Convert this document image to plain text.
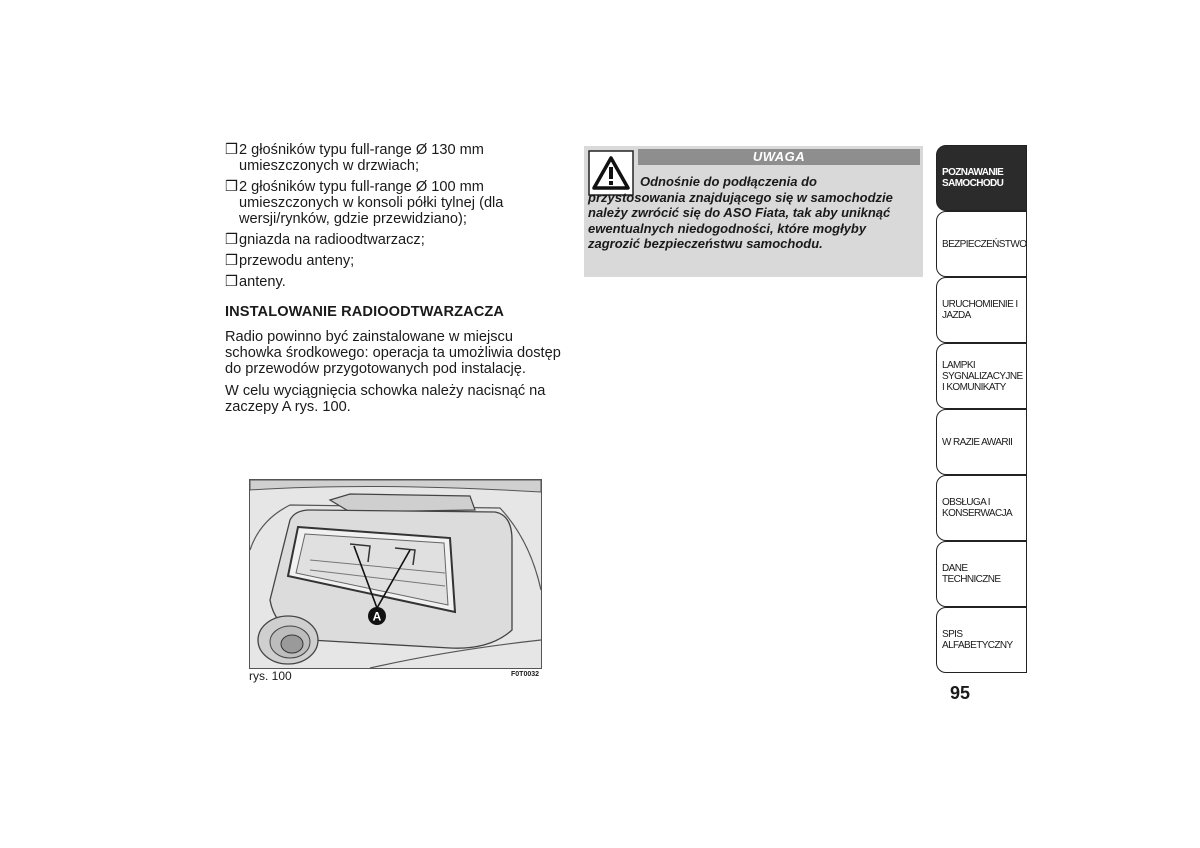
❒ 2 głośników typu full-range Ø 130 mm umieszczonych w drzwiach;
❒ 2 głośników typu full-range Ø 100 mm umieszczonych w konsoli półki tylnej (dla wersji/rynków, gdzie przewidziano);
❒ gniazda na radioodtwarzacz;
❒ przewodu anteny;
❒ anteny.
INSTALOWANIE RADIOODTWARZACZA
Radio powinno być zainstalowane w miejscu schowka środkowego: operacja ta umożliwia dostęp do przewodów przygotowanych pod instalację.
W celu wyciągnięcia schowka należy nacisnąć na zaczepy A rys. 100.
A
rys. 100	F0T0032
UWAGA
Odnośnie do podłączenia do przystosowania znajdującego się w samochodzie należy zwrócić się do ASO Fiata, tak aby uniknąć ewentualnych niedogodności, które mogłyby zagrozić bezpieczeństwu samochodu.
POZNAWANIE SAMOCHODU
BEZPIECZEŃSTWO
URUCHOMIENIE I JAZDA
LAMPKI SYGNALIZACYJNE I KOMUNIKATY
W RAZIE AWARII
OBSŁUGA I KONSERWACJA
DANE TECHNICZNE
SPIS ALFABETYCZNY
95
